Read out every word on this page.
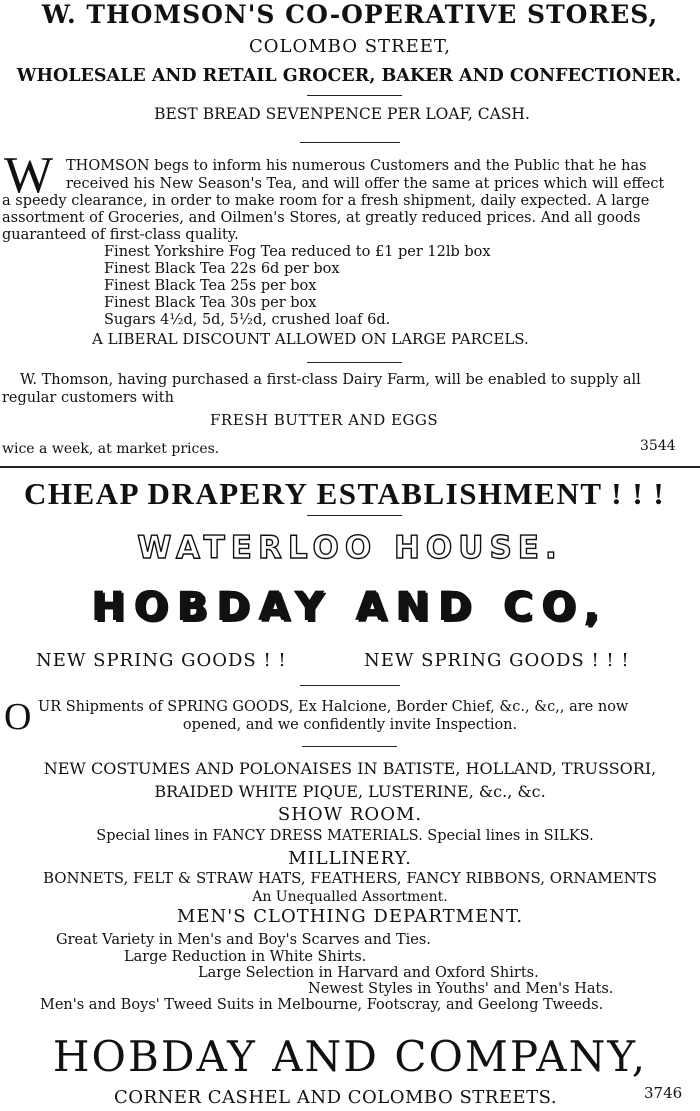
W. THOMSON'S CO-OPERATIVE STORES,
COLOMBO STREET,
WHOLESALE AND RETAIL GROCER, BAKER AND CONFECTIONER.
BEST BREAD SEVENPENCE PER LOAF, CASH.
W THOMSON begs to inform his numerous Customers and the Public that he has
received his New Season's Tea, and will offer the same at prices which will effect
a speedy clearance, in order to make room for a fresh shipment, daily expected. A large
assortment of Groceries, and Oilmen's Stores, at greatly reduced prices. And all goods
guaranteed of first-class quality.
Finest Yorkshire Fog Tea reduced to £1 per 12lb box
Finest Black Tea 22s 6d per box
Finest Black Tea 25s per box
Finest Black Tea 30s per box
Sugars 4½d, 5d, 5½d, crushed loaf 6d.
A LIBERAL DISCOUNT ALLOWED ON LARGE PARCELS.
W. Thomson, having purchased a first-class Dairy Farm, will be enabled to supply all
regular customers with
FRESH BUTTER AND EGGS
wice a week, at market prices.	3544
CHEAP DRAPERY ESTABLISHMENT ! ! !
WATERLOO HOUSE.
HOBDAY AND CO,
NEW SPRING GOODS ! !	NEW SPRING GOODS ! ! !
O UR Shipments of SPRING GOODS, Ex Halcione, Border Chief, &c., &c,, are now
opened, and we confidently invite Inspection.
NEW COSTUMES AND POLONAISES IN BATISTE, HOLLAND, TRUSSORI,
BRAIDED WHITE PIQUE, LUSTERINE, &c., &c.
SHOW ROOM.
Special lines in FANCY DRESS MATERIALS. Special lines in SILKS.
MILLINERY.
BONNETS, FELT & STRAW HATS, FEATHERS, FANCY RIBBONS, ORNAMENTS
An Unequalled Assortment.
MEN'S CLOTHING DEPARTMENT.
Great Variety in Men's and Boy's Scarves and Ties.
Large Reduction in White Shirts.
Large Selection in Harvard and Oxford Shirts.
Newest Styles in Youths' and Men's Hats.
Men's and Boys' Tweed Suits in Melbourne, Footscray, and Geelong Tweeds.
HOBDAY AND COMPANY,
CORNER CASHEL AND COLOMBO STREETS.	3746
